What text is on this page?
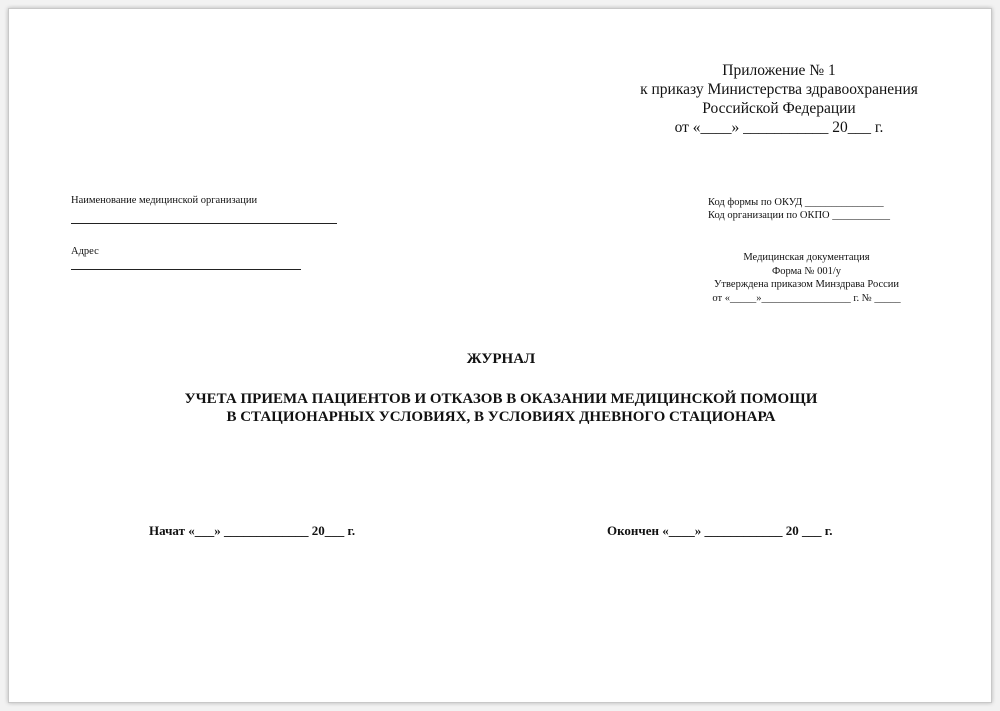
Приложение № 1
к приказу Министерства здравоохранения
Российской Федерации
от «____» ___________ 20___ г.
Наименование медицинской организации
Адрес
Код формы по ОКУД _______________
Код организации по ОКПО ___________
Медицинская документация
Форма № 001/у
Утверждена приказом Минздрава России
от «_____»_________________ г. № _____
ЖУРНАЛ
УЧЕТА ПРИЕМА ПАЦИЕНТОВ И ОТКАЗОВ В ОКАЗАНИИ МЕДИЦИНСКОЙ ПОМОЩИ
В СТАЦИОНАРНЫХ УСЛОВИЯХ, В УСЛОВИЯХ ДНЕВНОГО СТАЦИОНАРА
Начат «___» _____________ 20___ г.	Окончен «____» ____________ 20 ___ г.
